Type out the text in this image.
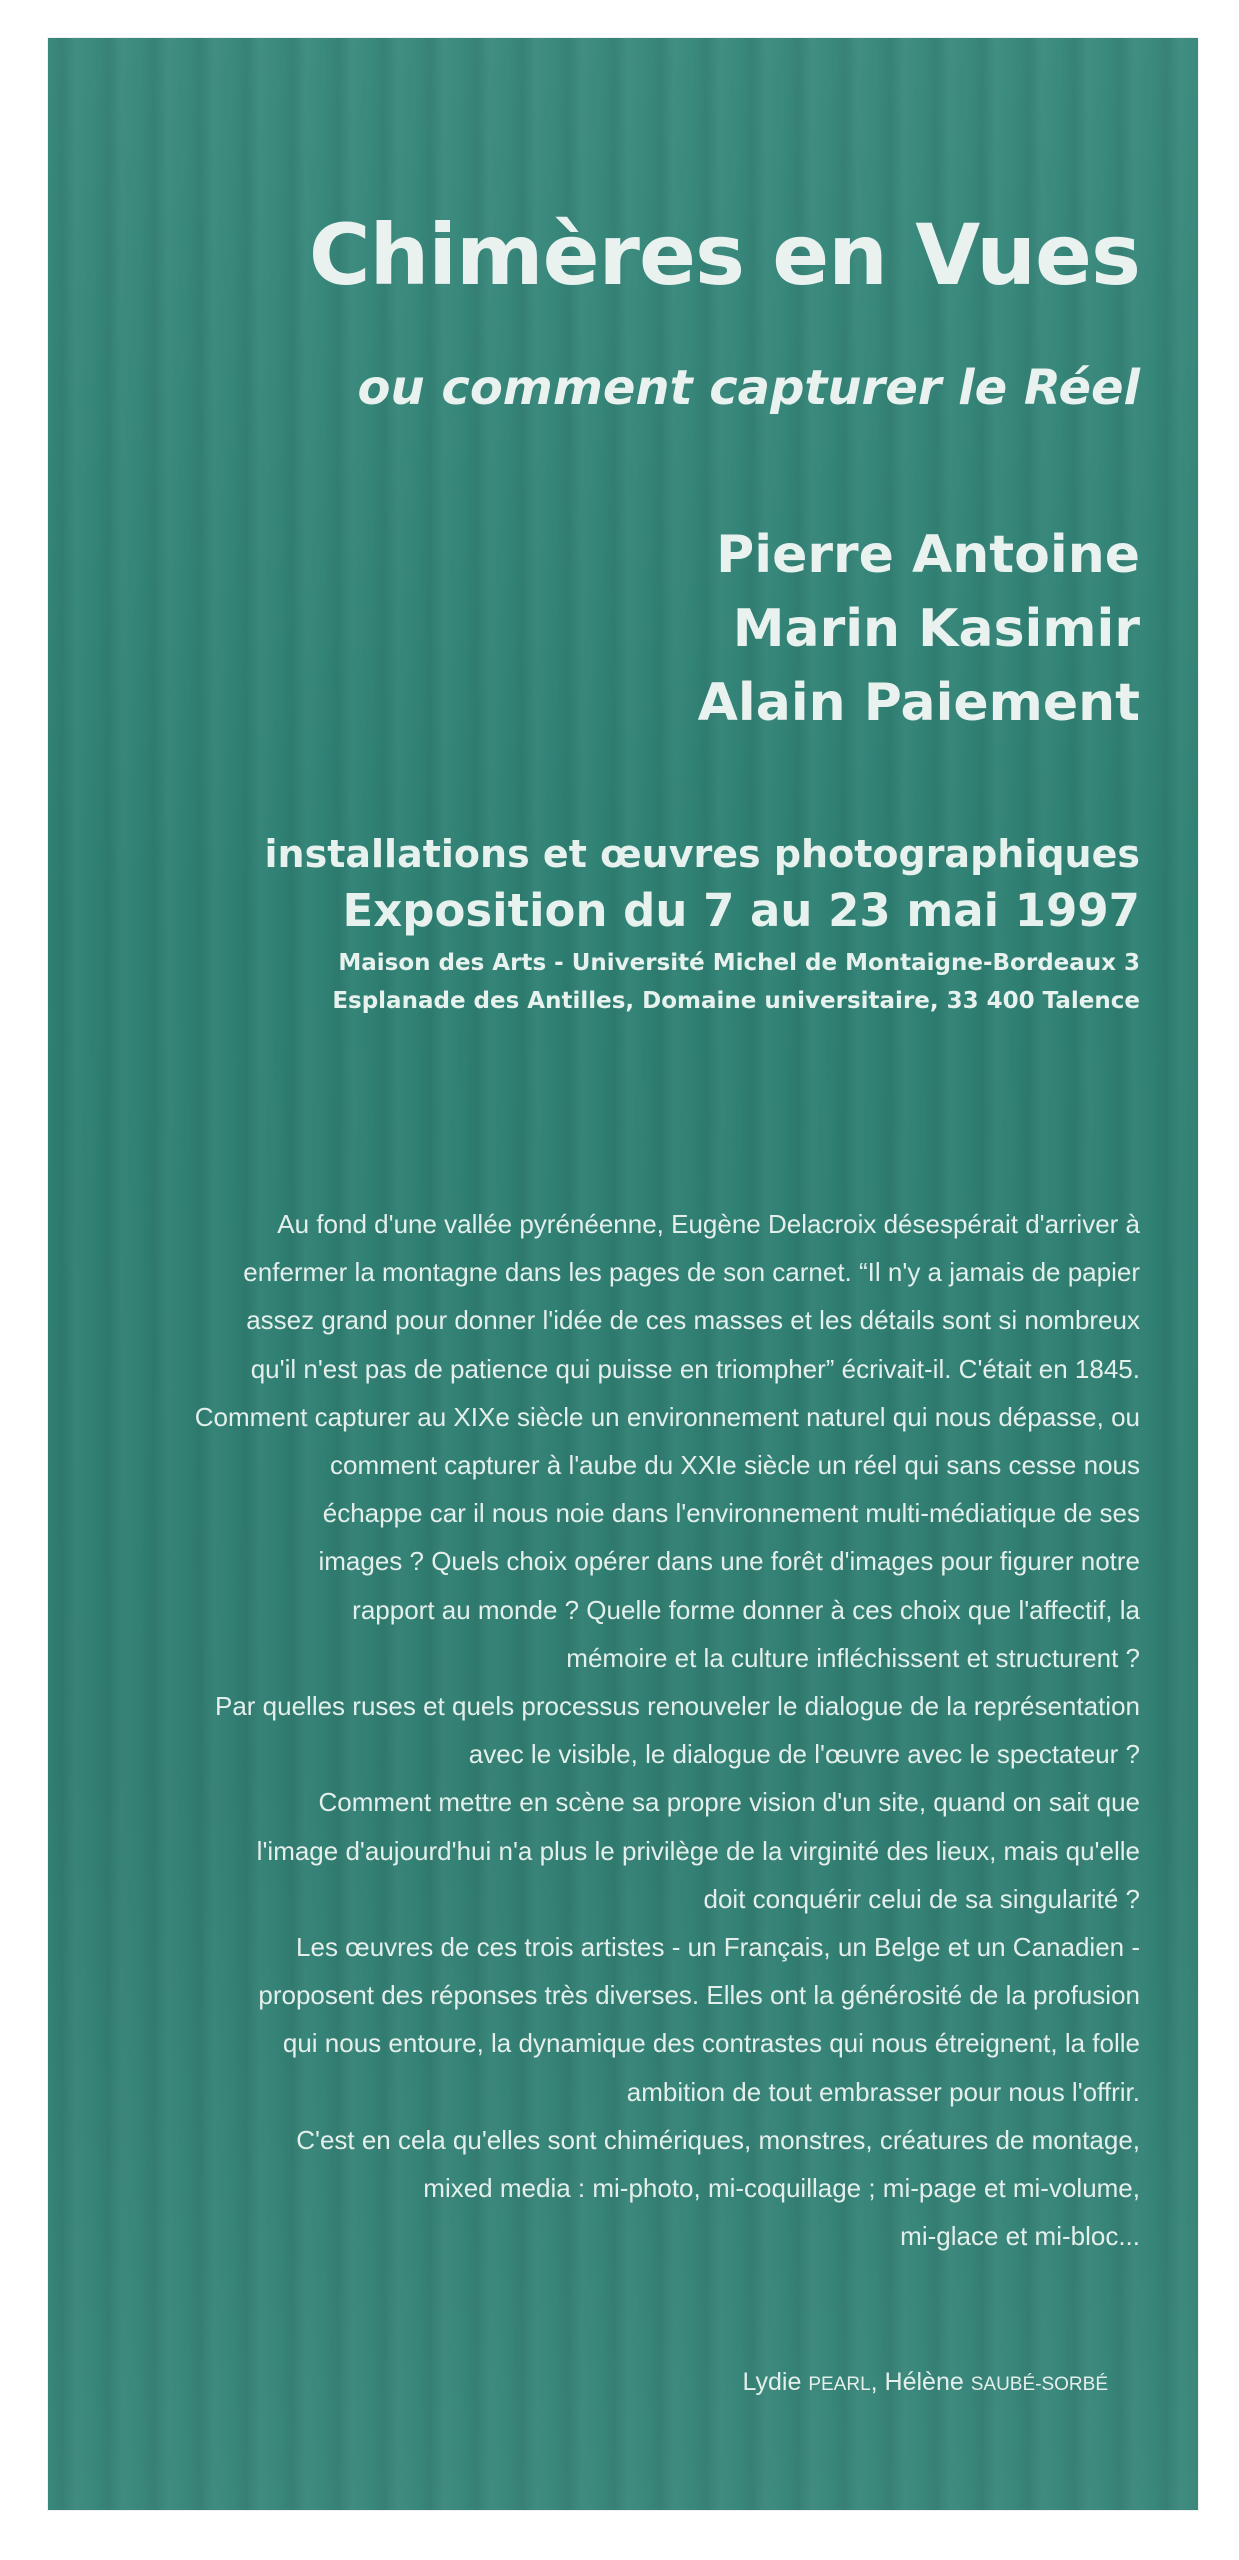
Chimères en Vues
ou comment capturer le Réel
Pierre Antoine
Marin Kasimir
Alain Paiement
installations et œuvres photographiques
Exposition du 7 au 23 mai 1997
Maison des Arts - Université Michel de Montaigne-Bordeaux 3
Esplanade des Antilles, Domaine universitaire, 33 400 Talence
Au fond d'une vallée pyrénéenne, Eugène Delacroix désespérait d'arriver à
enfermer la montagne dans les pages de son carnet. “Il n'y a jamais de papier
assez grand pour donner l'idée de ces masses et les détails sont si nombreux
qu'il n'est pas de patience qui puisse en triompher” écrivait-il. C'était en 1845.
Comment capturer au XIXe siècle un environnement naturel qui nous dépasse, ou
comment capturer à l'aube du XXIe siècle un réel qui sans cesse nous
échappe car il nous noie dans l'environnement multi-médiatique de ses
images ? Quels choix opérer dans une forêt d'images pour figurer notre
rapport au monde ? Quelle forme donner à ces choix que l'affectif, la
mémoire et la culture infléchissent et structurent ?
Par quelles ruses et quels processus renouveler le dialogue de la représentation
avec le visible, le dialogue de l'œuvre avec le spectateur ?
Comment mettre en scène sa propre vision d'un site, quand on sait que
l'image d'aujourd'hui n'a plus le privilège de la virginité des lieux, mais qu'elle
doit conquérir celui de sa singularité ?
Les œuvres de ces trois artistes - un Français, un Belge et un Canadien -
proposent des réponses très diverses. Elles ont la générosité de la profusion
qui nous entoure, la dynamique des contrastes qui nous étreignent, la folle
ambition de tout embrasser pour nous l'offrir.
C'est en cela qu'elles sont chimériques, monstres, créatures de montage,
mixed media : mi-photo, mi-coquillage ; mi-page et mi-volume,
mi-glace et mi-bloc...
Lydie PEARL, Hélène SAUBÉ-SORBÉ
